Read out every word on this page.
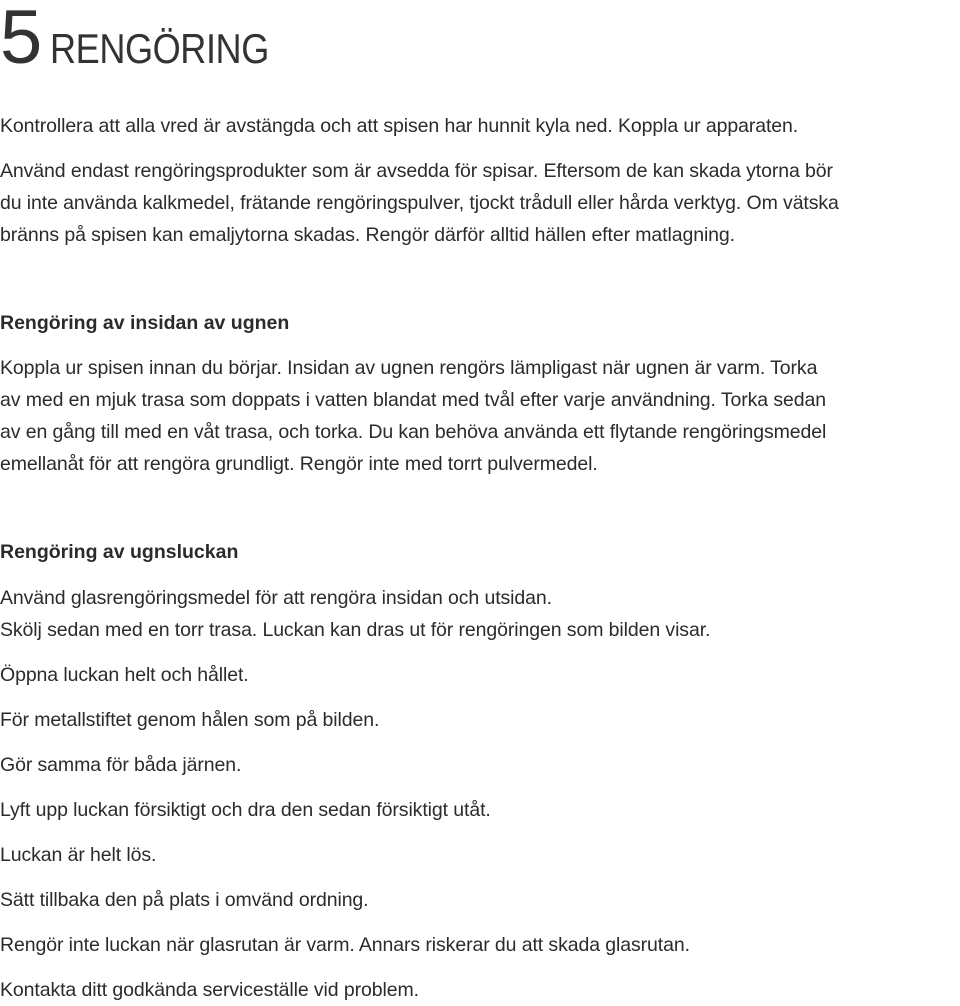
5 RENGÖRING

Kontrollera att alla vred är avstängda och att spisen har hunnit kyla ned. Koppla ur apparaten.

Använd endast rengöringsprodukter som är avsedda för spisar. Eftersom de kan skada ytorna bör
du inte använda kalkmedel, frätande rengöringspulver, tjockt trådull eller hårda verktyg. Om vätska
bränns på spisen kan emaljytorna skadas. Rengör därför alltid hällen efter matlagning.

Rengöring av insidan av ugnen

Koppla ur spisen innan du börjar. Insidan av ugnen rengörs lämpligast när ugnen är varm. Torka
av med en mjuk trasa som doppats i vatten blandat med tvål efter varje användning. Torka sedan
av en gång till med en våt trasa, och torka. Du kan behöva använda ett flytande rengöringsmedel
emellanåt för att rengöra grundligt. Rengör inte med torrt pulvermedel.

Rengöring av ugnsluckan

Använd glasrengöringsmedel för att rengöra insidan och utsidan.
Skölj sedan med en torr trasa. Luckan kan dras ut för rengöringen som bilden visar.

Öppna luckan helt och hållet.

För metallstiftet genom hålen som på bilden.

Gör samma för båda järnen.

Lyft upp luckan försiktigt och dra den sedan försiktigt utåt.

Luckan är helt lös.

Sätt tillbaka den på plats i omvänd ordning.

Rengör inte luckan när glasrutan är varm. Annars riskerar du att skada glasrutan.

Kontakta ditt godkända serviceställe vid problem.
